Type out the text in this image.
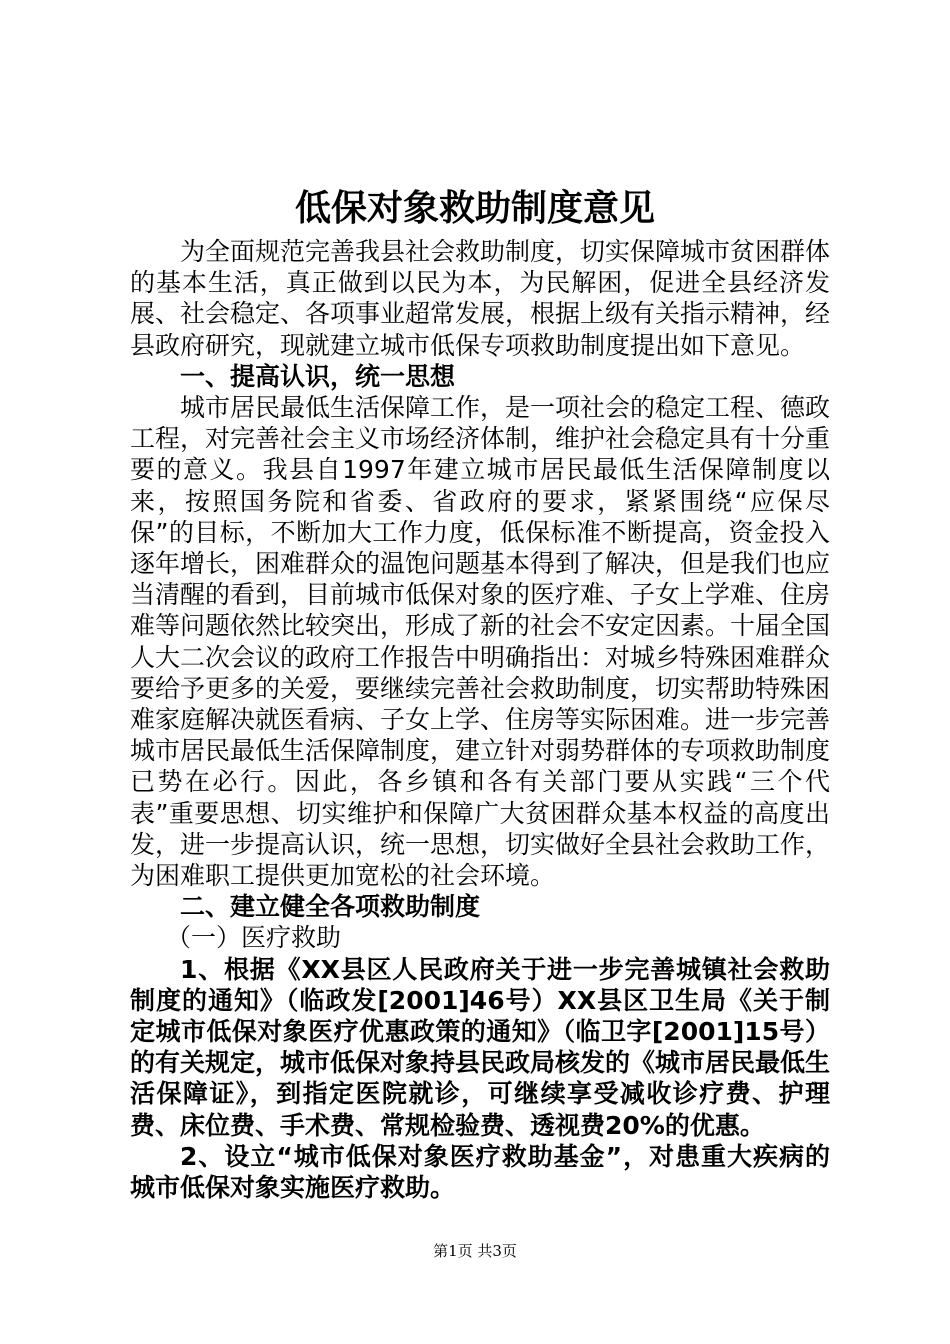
低保对象救助制度意见

为全面规范完善我县社会救助制度，切实保障城市贫困群体的基本生活，真正做到以民为本，为民解困，促进全县经济发展、社会稳定、各项事业超常发展，根据上级有关指示精神，经县政府研究，现就建立城市低保专项救助制度提出如下意见。

一、提高认识，统一思想

城市居民最低生活保障工作，是一项社会的稳定工程、德政工程，对完善社会主义市场经济体制，维护社会稳定具有十分重要的意义。我县自1997年建立城市居民最低生活保障制度以来，按照国务院和省委、省政府的要求，紧紧围绕“应保尽保”的目标，不断加大工作力度，低保标准不断提高，资金投入逐年增长，困难群众的温饱问题基本得到了解决，但是我们也应当清醒的看到，目前城市低保对象的医疗难、子女上学难、住房难等问题依然比较突出，形成了新的社会不安定因素。十届全国人大二次会议的政府工作报告中明确指出：对城乡特殊困难群众要给予更多的关爱，要继续完善社会救助制度，切实帮助特殊困难家庭解决就医看病、子女上学、住房等实际困难。进一步完善城市居民最低生活保障制度，建立针对弱势群体的专项救助制度已势在必行。因此，各乡镇和各有关部门要从实践“三个代表”重要思想、切实维护和保障广大贫困群众基本权益的高度出发，进一步提高认识，统一思想，切实做好全县社会救助工作，为困难职工提供更加宽松的社会环境。

二、建立健全各项救助制度

（一）医疗救助

1、根据《XX县区人民政府关于进一步完善城镇社会救助制度的通知》（临政发[2001]46号）XX县区卫生局《关于制定城市低保对象医疗优惠政策的通知》（临卫字[2001]15号）的有关规定，城市低保对象持县民政局核发的《城市居民最低生活保障证》，到指定医院就诊，可继续享受减收诊疗费、护理费、床位费、手术费、常规检验费、透视费20%的优惠。

2、设立“城市低保对象医疗救助基金”，对患重大疾病的城市低保对象实施医疗救助。

第1页 共3页
